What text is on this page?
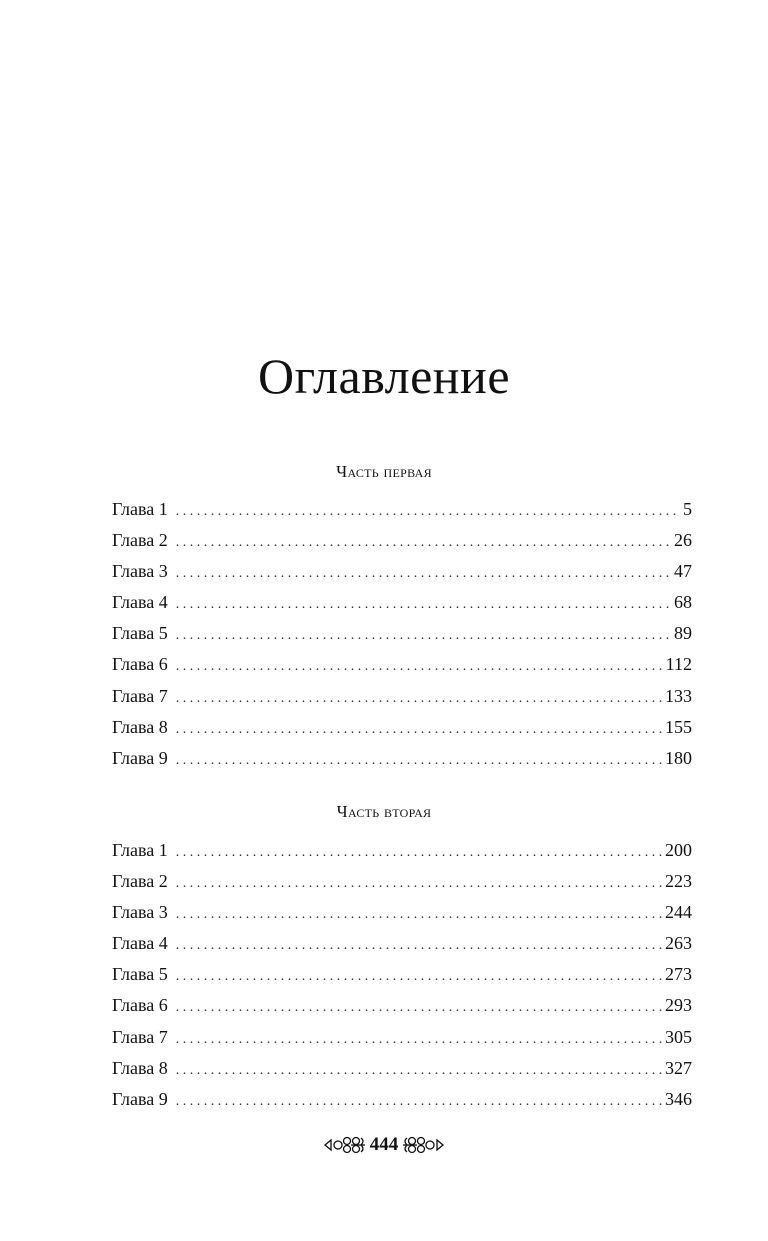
Оглавление
Часть первая
Глава 1 . . .	5
Глава 2 . . .	26
Глава 3 . . .	47
Глава 4 . . .	68
Глава 5 . . .	89
Глава 6 . . .	112
Глава 7 . . .	133
Глава 8 . . .	155
Глава 9 . . .	180
Часть вторая
Глава 1 . . .	200
Глава 2 . . .	223
Глава 3 . . .	244
Глава 4 . . .	263
Глава 5 . . .	273
Глава 6 . . .	293
Глава 7 . . .	305
Глава 8 . . .	327
Глава 9 . . .	346
444
